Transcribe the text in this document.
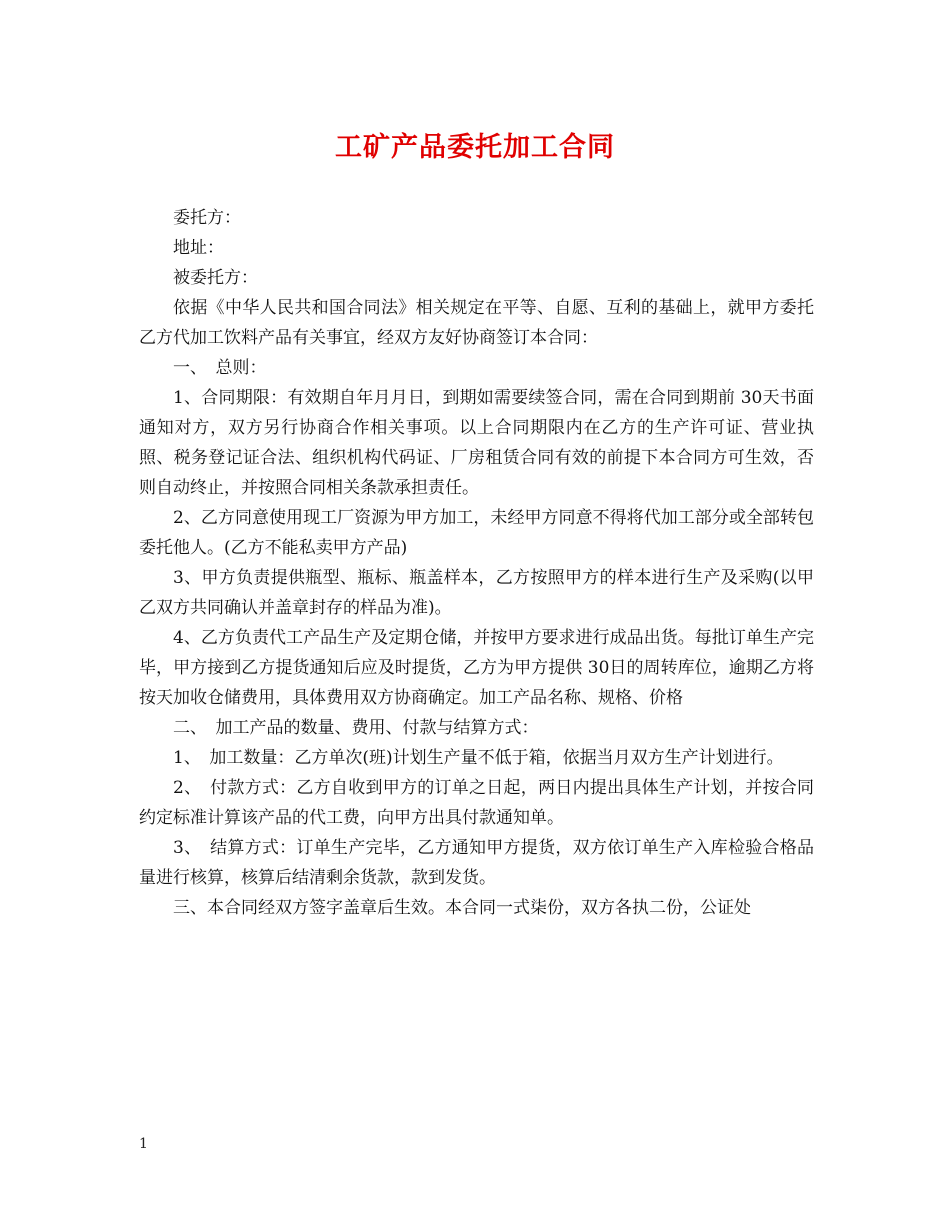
工矿产品委托加工合同

委托方：

地址：

被委托方：

依据《中华人民共和国合同法》相关规定在平等、自愿、互利的基础上，就甲方委托乙方代加工饮料产品有关事宜，经双方友好协商签订本合同：

一、　总则：

1、合同期限：有效期自年月月日，到期如需要续签合同，需在合同到期前 30天书面通知对方，双方另行协商合作相关事项。以上合同期限内在乙方的生产许可证、营业执照、税务登记证合法、组织机构代码证、厂房租赁合同有效的前提下本合同方可生效，否则自动终止，并按照合同相关条款承担责任。

2、乙方同意使用现工厂资源为甲方加工，未经甲方同意不得将代加工部分或全部转包委托他人。(乙方不能私卖甲方产品)

3、甲方负责提供瓶型、瓶标、瓶盖样本，乙方按照甲方的样本进行生产及采购(以甲乙双方共同确认并盖章封存的样品为准)。

4、乙方负责代工产品生产及定期仓储，并按甲方要求进行成品出货。每批订单生产完毕，甲方接到乙方提货通知后应及时提货，乙方为甲方提供 30日的周转库位，逾期乙方将按天加收仓储费用，具体费用双方协商确定。加工产品名称、规格、价格

二、　加工产品的数量、费用、付款与结算方式：

1、　加工数量：乙方单次(班)计划生产量不低于箱，依据当月双方生产计划进行。

2、　付款方式：乙方自收到甲方的订单之日起，两日内提出具体生产计划，并按合同约定标准计算该产品的代工费，向甲方出具付款通知单。

3、　结算方式：订单生产完毕，乙方通知甲方提货，双方依订单生产入库检验合格品量进行核算，核算后结清剩余货款，款到发货。

三、本合同经双方签字盖章后生效。本合同一式柒份，双方各执二份，公证处

1
